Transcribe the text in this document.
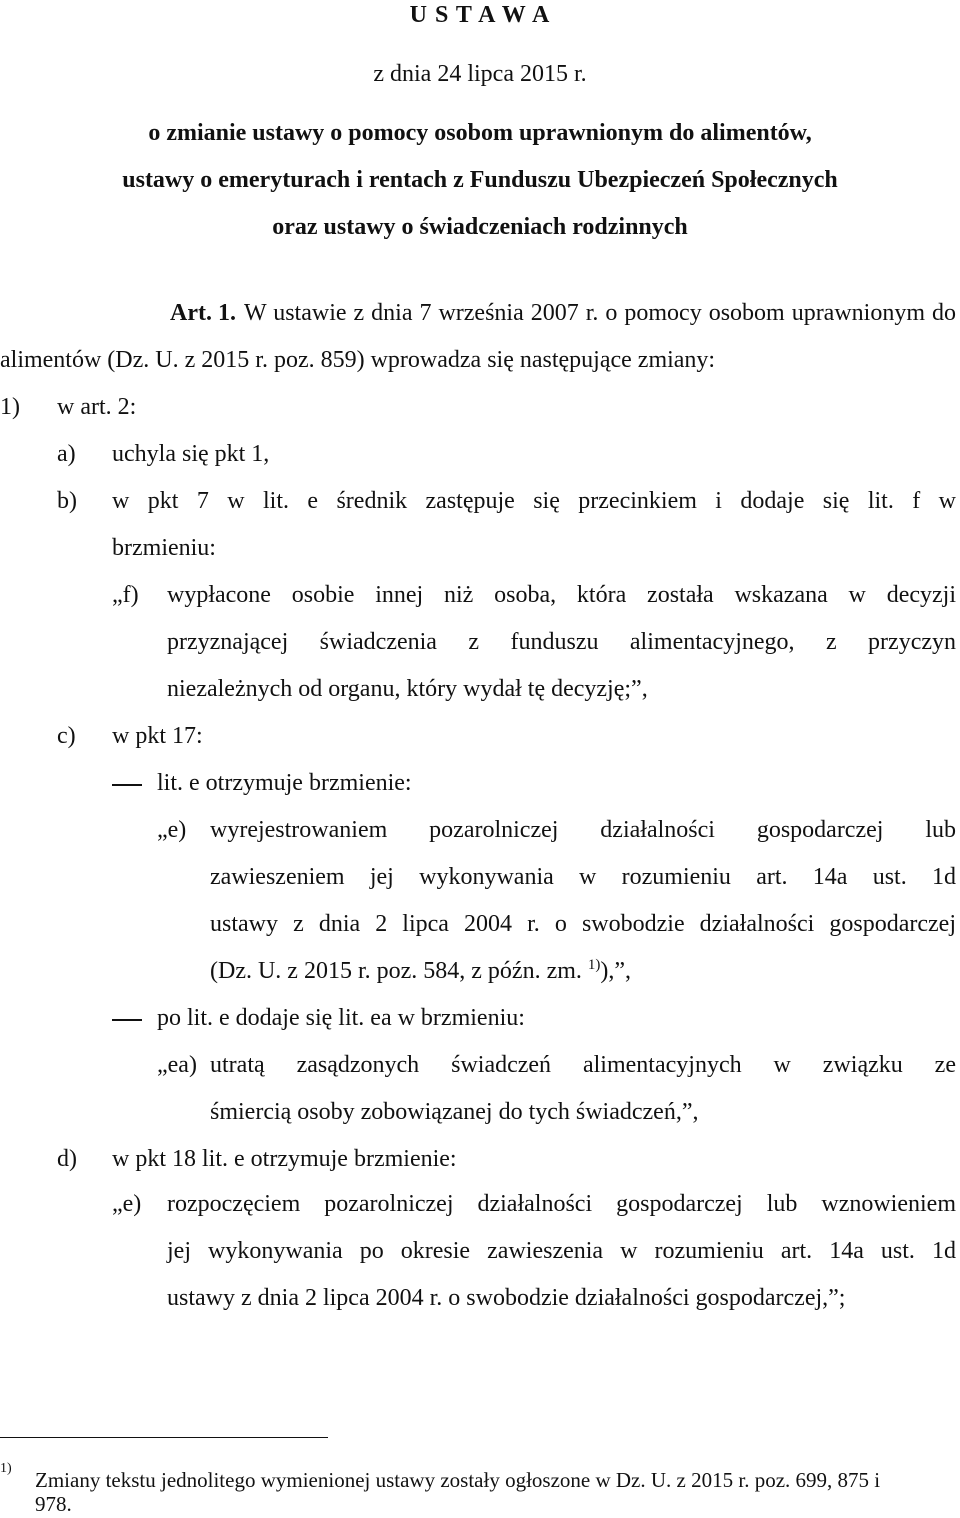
U S T A W A
z dnia 24 lipca 2015 r.
o zmianie ustawy o pomocy osobom uprawnionym do alimentów,
ustawy o emeryturach i rentach z Funduszu Ubezpieczeń Społecznych
oraz ustawy o świadczeniach rodzinnych
Art. 1. W ustawie z dnia 7 września 2007 r. o pomocy osobom uprawnionym do
alimentów (Dz. U. z 2015 r. poz. 859) wprowadza się następujące zmiany:
1) w art. 2:
a) uchyla się pkt 1,
b) w pkt 7 w lit. e średnik zastępuje się przecinkiem i dodaje się lit. f w
brzmieniu:
„f) wypłacone osobie innej niż osoba, która została wskazana w decyzji
przyznającej świadczenia z funduszu alimentacyjnego, z przyczyn
niezależnych od organu, który wydał tę decyzję;”,
c) w pkt 17:
lit. e otrzymuje brzmienie:
„e) wyrejestrowaniem pozarolniczej działalności gospodarczej lub
zawieszeniem jej wykonywania w rozumieniu art. 14a ust. 1d
ustawy z dnia 2 lipca 2004 r. o swobodzie działalności gospodarczej
(Dz. U. z 2015 r. poz. 584, z późn. zm. $^{1)}$),”,
po lit. e dodaje się lit. ea w brzmieniu:
„ea) utratą zasądzonych świadczeń alimentacyjnych w związku ze
śmiercią osoby zobowiązanej do tych świadczeń,”,
d) w pkt 18 lit. e otrzymuje brzmienie:
„e) rozpoczęciem pozarolniczej działalności gospodarczej lub wznowieniem
jej wykonywania po okresie zawieszenia w rozumieniu art. 14a ust. 1d
ustawy z dnia 2 lipca 2004 r. o swobodzie działalności gospodarczej,”;
1) Zmiany tekstu jednolitego wymienionej ustawy zostały ogłoszone w Dz. U. z 2015 r. poz. 699, 875 i
978.
